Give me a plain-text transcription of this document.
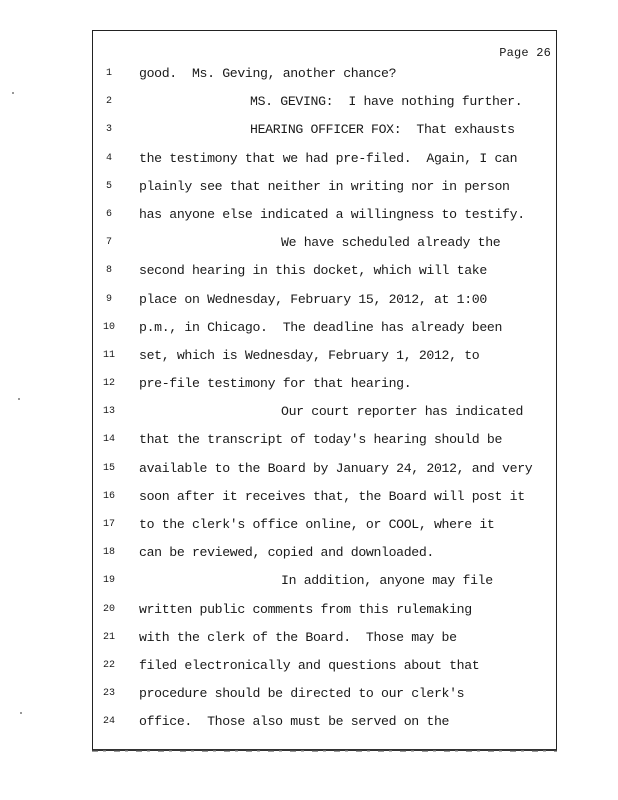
Page 26
1
2
3
4
5
6
7
8
9
10
11
12
13
14
15
16
17
18
19
20
21
22
23
24
good.  Ms. Geving, another chance?
MS. GEVING:  I have nothing further.
HEARING OFFICER FOX:  That exhausts
the testimony that we had pre-filed.  Again, I can
plainly see that neither in writing nor in person
has anyone else indicated a willingness to testify.
We have scheduled already the
second hearing in this docket, which will take
place on Wednesday, February 15, 2012, at 1:00
p.m., in Chicago.  The deadline has already been
set, which is Wednesday, February 1, 2012, to
pre-file testimony for that hearing.
Our court reporter has indicated
that the transcript of today's hearing should be
available to the Board by January 24, 2012, and very
soon after it receives that, the Board will post it
to the clerk's office online, or COOL, where it
can be reviewed, copied and downloaded.
In addition, anyone may file
written public comments from this rulemaking
with the clerk of the Board.  Those may be
filed electronically and questions about that
procedure should be directed to our clerk's
office.  Those also must be served on the
